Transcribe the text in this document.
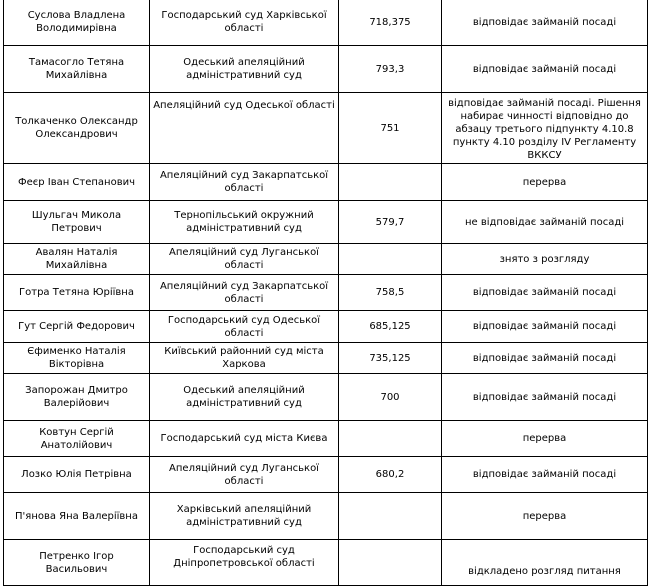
Суслова Владлена Володимирівна	Господарський суд Харківської області	718,375	відповідає займаній посаді
Тамасогло Тетяна Михайлівна	Одеський апеляційний адміністративний суд	793,3	відповідає займаній посаді
Толкаченко Олександр Олександрович	Апеляційний суд Одеської області	751	відповідає займаній посаді. Рішення набирає чинності відповідно до абзацу третього підпункту 4.10.8 пункту 4.10 розділу IV Регламенту ВККСУ

Феєр Іван Степанович	Апеляційний суд Закарпатської області		перерва
Шульгач Микола Петрович	Тернопільський окружний адміністративний суд	579,7	не відповідає займаній посаді
Авалян Наталія Михайлівна	Апеляційний суд Луганської області		знято з розгляду
Готра Тетяна Юріївна	Апеляційний суд Закарпатської області	758,5	відповідає займаній посаді
Гут Сергій Федорович	Господарський суд Одеської області	685,125	відповідає займаній посаді
Єфименко Наталія Вікторівна	Київський районний суд міста Харкова	735,125	відповідає займаній посаді
Запорожан Дмитро Валерійович	Одеський апеляційний адміністративний суд	700	відповідає займаній посаді
Ковтун Сергій Анатолійович	Господарський суд міста Києва		перерва
Лозко Юлія Петрівна	Апеляційний суд Луганської області	680,2	відповідає займаній посаді
П'янова Яна Валеріївна	Харківський апеляційний адміністративний суд		перерва
Петренко Ігор Васильович	Господарський суд Дніпропетровської області		відкладено розгляд питання
